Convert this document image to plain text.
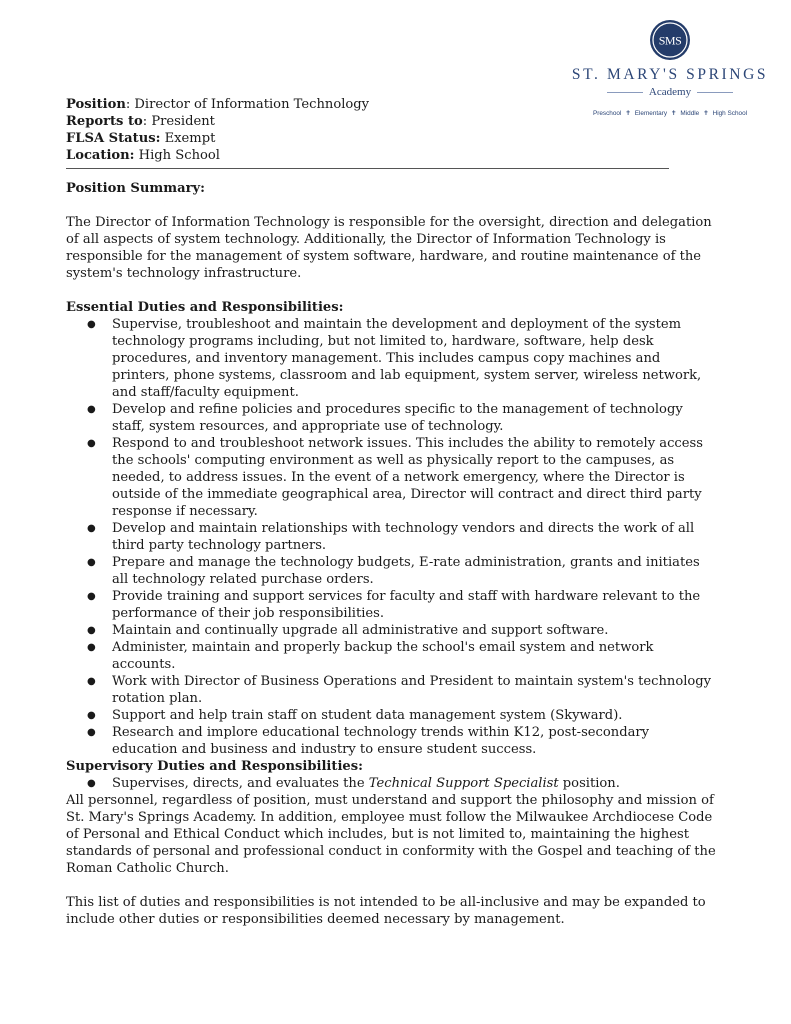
SMS
ST. MARY'S SPRINGS
Academy
Preschool ✝ Elementary ✝ Middle ✝ High School
Position: Director of Information Technology
Reports to: President
FLSA Status: Exempt
Location: High School

Position Summary:

The Director of Information Technology is responsible for the oversight, direction and delegation of all aspects of system technology. Additionally, the Director of Information Technology is responsible for the management of system software, hardware, and routine maintenance of the system's technology infrastructure.

Essential Duties and Responsibilities:

● Supervise, troubleshoot and maintain the development and deployment of the system technology programs including, but not limited to, hardware, software, help desk procedures, and inventory management. This includes campus copy machines and printers, phone systems, classroom and lab equipment, system server, wireless network, and staff/faculty equipment.
● Develop and refine policies and procedures specific to the management of technology staff, system resources, and appropriate use of technology.
● Respond to and troubleshoot network issues. This includes the ability to remotely access the schools' computing environment as well as physically report to the campuses, as needed, to address issues. In the event of a network emergency, where the Director is outside of the immediate geographical area, Director will contract and direct third party response if necessary.
● Develop and maintain relationships with technology vendors and directs the work of all third party technology partners.
● Prepare and manage the technology budgets, E-rate administration, grants and initiates all technology related purchase orders.
● Provide training and support services for faculty and staff with hardware relevant to the performance of their job responsibilities.
● Maintain and continually upgrade all administrative and support software.
● Administer, maintain and properly backup the school's email system and network accounts.
● Work with Director of Business Operations and President to maintain system's technology rotation plan.
● Support and help train staff on student data management system (Skyward).
● Research and implore educational technology trends within K12, post-secondary education and business and industry to ensure student success.

Supervisory Duties and Responsibilities:

● Supervises, directs, and evaluates the Technical Support Specialist position.

All personnel, regardless of position, must understand and support the philosophy and mission of St. Mary's Springs Academy. In addition, employee must follow the Milwaukee Archdiocese Code of Personal and Ethical Conduct which includes, but is not limited to, maintaining the highest standards of personal and professional conduct in conformity with the Gospel and teaching of the Roman Catholic Church.

This list of duties and responsibilities is not intended to be all-inclusive and may be expanded to include other duties or responsibilities deemed necessary by management.
